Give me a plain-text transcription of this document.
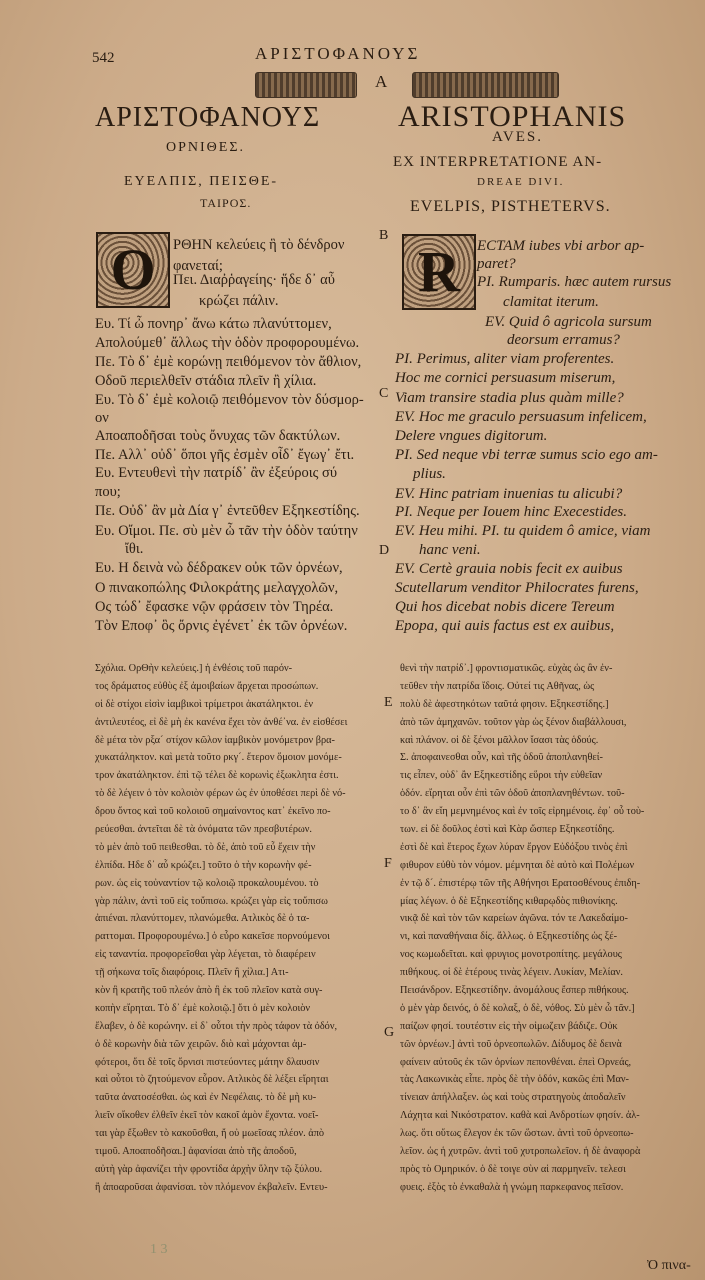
542	ΑΡΙΣΤΟΦΑΝΟΥΣ
A
ΑΡΙΣΤΟΦΑΝΟΥΣ	ARISTOPHANIS
ΟΡΝΙΘΕΣ.
AVES.
EX INTERPRETATIONE AN-
DREAE DIVI.
ΕΥΕΛΠΙΣ, ΠΕΙΣΘΕ-
ΤΑΙΡΟΣ.	EVELPIS, PISTHETERVS.
Ο	R
ΡΘΗΝ κελεύεις ἣ τὸ δένδρον
φανεταί;
Πει. Διαῤῥαγείης· ἥδε δ᾽ αὖ
κρώζει πάλιν.
Ευ. Τί ὦ πονηρ᾽ ἄνω κάτω πλανύττομεν,
Απολούμεθ᾽ ἄλλως τὴν ὁδὸν προφορουμένω.
Πε. Τὸ δ᾽ ἐμὲ κορώνῃ πειθόμενον τὸν ἄθλιον,
Οδοῦ περιελθεῖν στάδια πλεῖν ἢ χίλια.
Ευ. Τὸ δ᾽ ἐμὲ κολοιῷ πειθόμενον τὸν δύσμορ-
ον
Αποαποδῆσαι τοὺς ὄνυχας τῶν δακτύλων.
Πε. Αλλ᾽ οὐδ᾽ ὅποι γῆς ἐσμὲν οἶδ᾽ ἔγωγ᾽ ἔτι.
Ευ. Εντευθενὶ τὴν πατρίδ᾽ ἂν ἐξεύροις σύ
που;
Πε. Οὐδ᾽ ἂν μὰ Δία γ᾽ ἐντεῦθεν Εξηκεστίδης.
Ευ. Οἴμοι. Πε. σὺ μὲν ὦ τᾶν τὴν ὁδὸν ταύτην
ἴθι.
Ευ. Η δεινὰ νὼ δέδρακεν οὐκ τῶν ὀρνέων,
Ο πινακοπώλης Φιλοκράτης μελαγχολῶν,
Ος τώδ᾽ ἔφασκε νῷν φράσειν τὸν Τηρέα.
Τὸν Εποφ᾽ ὃς ὄρνις ἐγένετ᾽ ἐκ τῶν ὀρνέων.
ECTAM iubes vbi arbor ap-
paret?
PI. Rumparis. hæc autem rursus
clamitat iterum.
EV. Quid ô agricola sursum
deorsum erramus?
PI. Perimus, aliter viam proferentes.
Hoc me cornici persuasum miserum,
Viam transire stadia plus quàm mille?
EV. Hoc me graculo persuasum infelicem,
Delere vngues digitorum.
PI. Sed neque vbi terræ sumus scio ego am-
plius.
EV. Hinc patriam inuenias tu alicubi?
PI. Neque per Iouem hinc Execestides.
EV. Heu mihi. PI. tu quidem ô amice, viam
hanc veni.
EV. Certè grauia nobis fecit ex auibus
Scutellarum venditor Philocrates furens,
Qui hos dicebat nobis dicere Tereum
Epopa, qui auis factus est ex auibus,
B
C
D
E
F
G
Σχόλια. ΟρΘὴν κελεύεις.] ἡ ἐνθέσις τοῦ παρόν-
τος δράματος εὐθὺς ἐξ ἀμοιβαίων ἄρχεται προσώπων.
οἱ δὲ στίχοι εἰσὶν ἰαμβικοὶ τρίμετροι ἀκατάληκτοι. ἐν
ἀντιλευτέος, εἰ δὲ μὴ ἐκ κανένα ἔχει τὸν ἀνθέ᾽να. ἐν εἰσθέσει
δὲ μέτα τὸν ρξα´ στίχον κῶλον ἰαμβικὸν μονόμετρον βρα-
χυκατάληκτον. καὶ μετὰ τοῦτο ρκγ´. ἕτερον ὅμοιον μονόμε-
τρον ἀκατάληκτον. ἐπὶ τῷ τέλει δὲ κορωνὶς ἐξωκλητα ἐστι.
τὸ δὲ λέγειν ὁ τὸν κολοιὸν φέρων ὡς ἐν ὑποθέσει περὶ δὲ νό-
δρου ὄντος καὶ τοῦ κολοιοῦ σημαίνοντος κατ᾽ ἐκεῖνο πο-
ρεύεσθαι. ἀντεῖται δὲ τὰ ὀνόματα τῶν πρεσβυτέρων.
τὸ μὲν ἀπὸ τοῦ πειθεσθαι. τὸ δὲ, ἀπὸ τοῦ εὖ ἔχειν τὴν
ἐλπίδα. Ηδε δ᾽ αὖ κρώζει.] τοῦτο ὁ τὴν κορωνὴν φέ-
ρων. ὡς εἰς τοὐναντίον τῷ κολοιῷ προκαλουμένου. τὸ
γὰρ πάλιν, ἀντὶ τοῦ εἰς τοὔπισω. κρώζει γὰρ εἰς τοὔπισω
ἀπιέναι. πλανύττομεν, πλανώμεθα. Ατλικὸς δὲ ὁ τα-
ραττομαι. Προφορουμένω.] ὁ εὗρο κακεῖσε πορνούμενοι
εἰς ταναντία. προφορεῖσθαι γὰρ λέγεται, τὸ διαφέρειν
τῇ σήκωνα τοῖς διαφόροις. Πλεῖν ἢ χίλια.] Ατι-
κὸν ἢ κρατῆς τοῦ πλεόν ἀπὸ ἢ ἐκ τοῦ πλεῖον κατὰ συγ-
κοπὴν εἴρηται. Τὸ δ᾽ ἐμὲ κολοιῷ.] ὅτι ὁ μὲν κολοιὸν
ἔλαβεν, ὁ δὲ κορώνην. εἰ δ᾽ οὗτοι τὴν πρὸς τάφον τὰ ὀδόν,
ὁ δὲ κορωνὴν διὰ τῶν χειρῶν. διὸ καὶ μάχονται ἀμ-
φότεροι, ὅτι δὲ τοῖς ὄρνισι πιστεύοντες μάτην δλαυσιν
καὶ οὗτοι τὸ ζητούμενον εὗρον. Ατλικὸς δὲ λέξει εἴρηται
ταῦτα ἀνατοσέσθαι. ὡς καὶ ἐν Νεφέλαις. τὸ δὲ μὴ κυ-
λιεῖν οἴκοθεν ἐλθεῖν ἐκεῖ τὸν κακοῖ ἀμὸν ἔχοντα. νοεῖ-
ται γὰρ ἔξωθεν τὸ κακοῦσθαι, ἤ οὐ μωεῖσας πλέον. ἀπὸ
τιμοῦ. Αποαποδῆσαι.] ἀφανίσαι ἀπὸ τῆς ἀποδοῦ,
αὐτὴ γὰρ ἀφανίζει τὴν φροντίδα ἀρχὴν ὕλην τῷ ξύλου.
ἢ ἀποαροῦσαι ἀφανίσαι. τὸν πλόμενον ἐκβαλεῖν. Εντευ-
θενὶ τὴν πατρίδ᾽.] φροντισματικῶς. εὐχὰς ὡς ἂν ἐν-
τεῦθεν τὴν πατρίδα ἴδοις. Οὐτεί τις Αθῆνας, ὡς
πολὺ δὲ ἀφεστηκότων ταῦτά φησιν. Εξηκεστίδης.]
ἀπὸ τῶν ἀμηχανῶν. τοῦτον γὰρ ὡς ξένον διαβάλλουσι,
καὶ πλάνον. οἱ δὲ ξένοι μᾶλλον ἴσασι τὰς ὁδούς.
Σ. ἀποφαινεσθαι οὖν, καὶ τῆς ὁδοῦ ἀποπλανηθεί-
τις εἶπεν, οὐδ᾽ ἂν Εξηκεστίδης εὕροι τὴν εὐθεῖαν
ὁδόν. εἴρηται οὖν ἐπὶ τῶν ὁδοῦ ἀποπλανηθέντων. τοῦ-
το δ᾽ ἂν εἴη μεμνημένος καὶ ἐν τοῖς εἰρημένοις. ἐφ᾽ οὗ τοὺ-
των. εἰ δὲ δοῦλος ἐστὶ καὶ Κὰρ ὥσπερ Εξηκεστίδης.
ἐστὶ δὲ καὶ ἕτερος ἔχων λύραν ἔργον Εὐδόξου τινὸς ἐπὶ
φιθυρον εὐθὺ τὸν νόμον. μέμνηται δὲ αὐτὸ καὶ Πολέμων
ἐν τῷ δ´. ἐπιστέρῳ τῶν τῆς Αθήνησι Ερατοσθένους ἐπιδη-
μίας λέγων. ὁ δὲ Εξηκεστίδης κιθαρῳδὸς πιθιονίκης.
νικᾷ δὲ καὶ τὸν τῶν καρείων ἀγῶνα. τόν τε Λακεδαίμο-
νι, καὶ παναθήναια δίς. ἄλλως. ὁ Εξηκεστίδης ὡς ξέ-
νος κωμωδεῖται. καὶ φρυγιος μονοτροπίτης. μεγάλους
πιθήκους. οἱ δὲ ἑτέρους τινὰς λέγειν. Λυκίαν, Μελίαν.
Πεισάνδρον. Εξηκεστίδην. ἀνομάλους ἔσπερ πιθήκους.
ὁ μὲν γὰρ δεινός, ὁ δὲ κολαξ, ὁ δὲ, νόθος. Σὺ μὲν ὦ τᾶν.]
παίζων φησί. τουτέστιν εἰς τὴν οἰμωζειν βάδιζε. Οὐκ
τῶν ὀρνέων.] ἀντὶ τοῦ ὀρνεοπωλῶν. Δίδυμος δὲ δεινὰ
φαίνειν αὐτοῦς ἐκ τῶν ὀρνίων πεπονθέναι. ἐπεὶ Ορνεάς,
τὰς Λακωνικὰς εἶπε. πρὸς δὲ τὴν ὁδόν, κακῶς ἐπὶ Μαν-
τίνειαν ἀπήλλαξεν. ὡς καὶ τοὺς στρατηγοὺς ἀποδαλεῖν
Λάχητα καὶ Νικόστρατον. καθὰ καὶ Ανδροτίων φησίν. ἀλ-
λως. ὅτι οὕτως ἔλεγον ἐκ τῶν ὥστων. ἀντὶ τοῦ ὀρνεοπω-
λεῖον. ὡς ἡ χυτρῶν. ἀντὶ τοῦ χυτροπωλεῖον. ἡ δὲ ἀναφορὰ
πρὸς τὸ Ομηρικόν. ὁ δὲ τοιγε σὺν αἱ παρμηνεῖν. τελεσι
φυεις. ἐξὸς τὸ ἐνκαθαλὰ ἡ γνώμη παρκεφανος πεῖσον.
Ὀ πινα-
1 3
